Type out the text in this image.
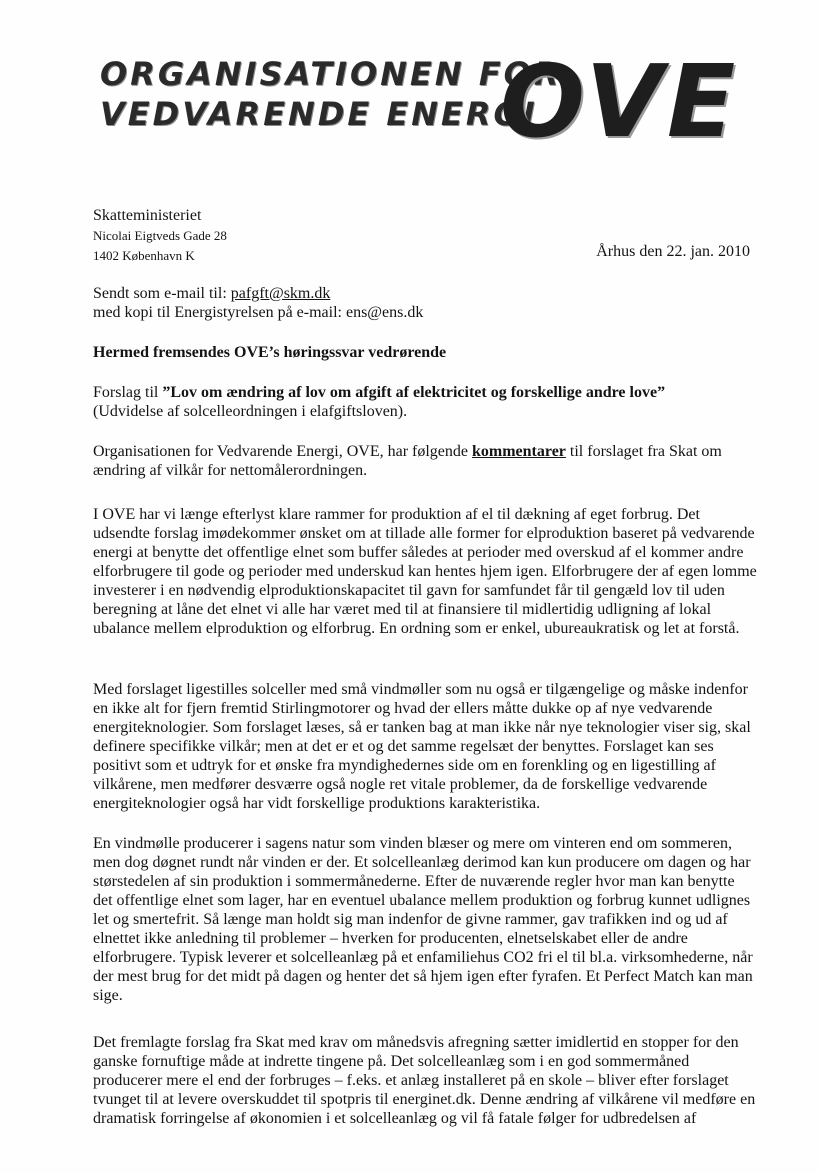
ORGANISATIONEN FOR
VEDVARENDE ENERGI
OVE
Skatteministeriet
Nicolai Eigtveds Gade 28
1402 København K	Århus den 22. jan. 2010

Sendt som e-mail til: pafgft@skm.dk

med kopi til Energistyrelsen på e-mail: ens@ens.dk

Hermed fremsendes OVE’s høringssvar vedrørende

Forslag til ”Lov om ændring af lov om afgift af elektricitet og forskellige andre love”

(Udvidelse af solcelleordningen i elafgiftsloven).

Organisationen for Vedvarende Energi, OVE, har følgende kommentarer til forslaget fra Skat om ændring af vilkår for nettomålerordningen.

I OVE har vi længe efterlyst klare rammer for produktion af el til dækning af eget forbrug. Det udsendte forslag imødekommer ønsket om at tillade alle former for elproduktion baseret på vedvarende energi at benytte det offentlige elnet som buffer således at perioder med overskud af el kommer andre elforbrugere til gode og perioder med underskud kan hentes hjem igen. Elforbrugere der af egen lomme investerer i en nødvendig elproduktionskapacitet til gavn for samfundet får til gengæld lov til uden beregning at låne det elnet vi alle har været med til at finansiere til midlertidig udligning af lokal ubalance mellem elproduktion og elforbrug. En ordning som er enkel, ubureaukratisk og let at forstå.

Med forslaget ligestilles solceller med små vindmøller som nu også er tilgængelige og måske indenfor en ikke alt for fjern fremtid Stirlingmotorer og hvad der ellers måtte dukke op af nye vedvarende energiteknologier. Som forslaget læses, så er tanken bag at man ikke når nye teknologier viser sig, skal definere specifikke vilkår; men at det er et og det samme regelsæt der benyttes. Forslaget kan ses positivt som et udtryk for et ønske fra myndighedernes side om en forenkling og en ligestilling af vilkårene, men medfører desværre også nogle ret vitale problemer, da de forskellige vedvarende energiteknologier også har vidt forskellige produktions karakteristika.

En vindmølle producerer i sagens natur som vinden blæser og mere om vinteren end om sommeren, men dog døgnet rundt når vinden er der. Et solcelleanlæg derimod kan kun producere om dagen og har størstedelen af sin produktion i sommermånederne. Efter de nuværende regler hvor man kan benytte det offentlige elnet som lager, har en eventuel ubalance mellem produktion og forbrug kunnet udlignes let og smertefrit. Så længe man holdt sig man indenfor de givne rammer, gav trafikken ind og ud af elnettet ikke anledning til problemer – hverken for producenten, elnetselskabet eller de andre elforbrugere. Typisk leverer et solcelleanlæg på et enfamiliehus CO2 fri el til bl.a. virksomhederne, når der mest brug for det midt på dagen og henter det så hjem igen efter fyrafen. Et Perfect Match kan man sige.

Det fremlagte forslag fra Skat med krav om månedsvis afregning sætter imidlertid en stopper for den ganske fornuftige måde at indrette tingene på. Det solcelleanlæg som i en god sommermåned producerer mere el end der forbruges – f.eks. et anlæg installeret på en skole – bliver efter forslaget tvunget til at levere overskuddet til spotpris til energinet.dk. Denne ændring af vilkårene vil medføre en dramatisk forringelse af økonomien i et solcelleanlæg og vil få fatale følger for udbredelsen af
